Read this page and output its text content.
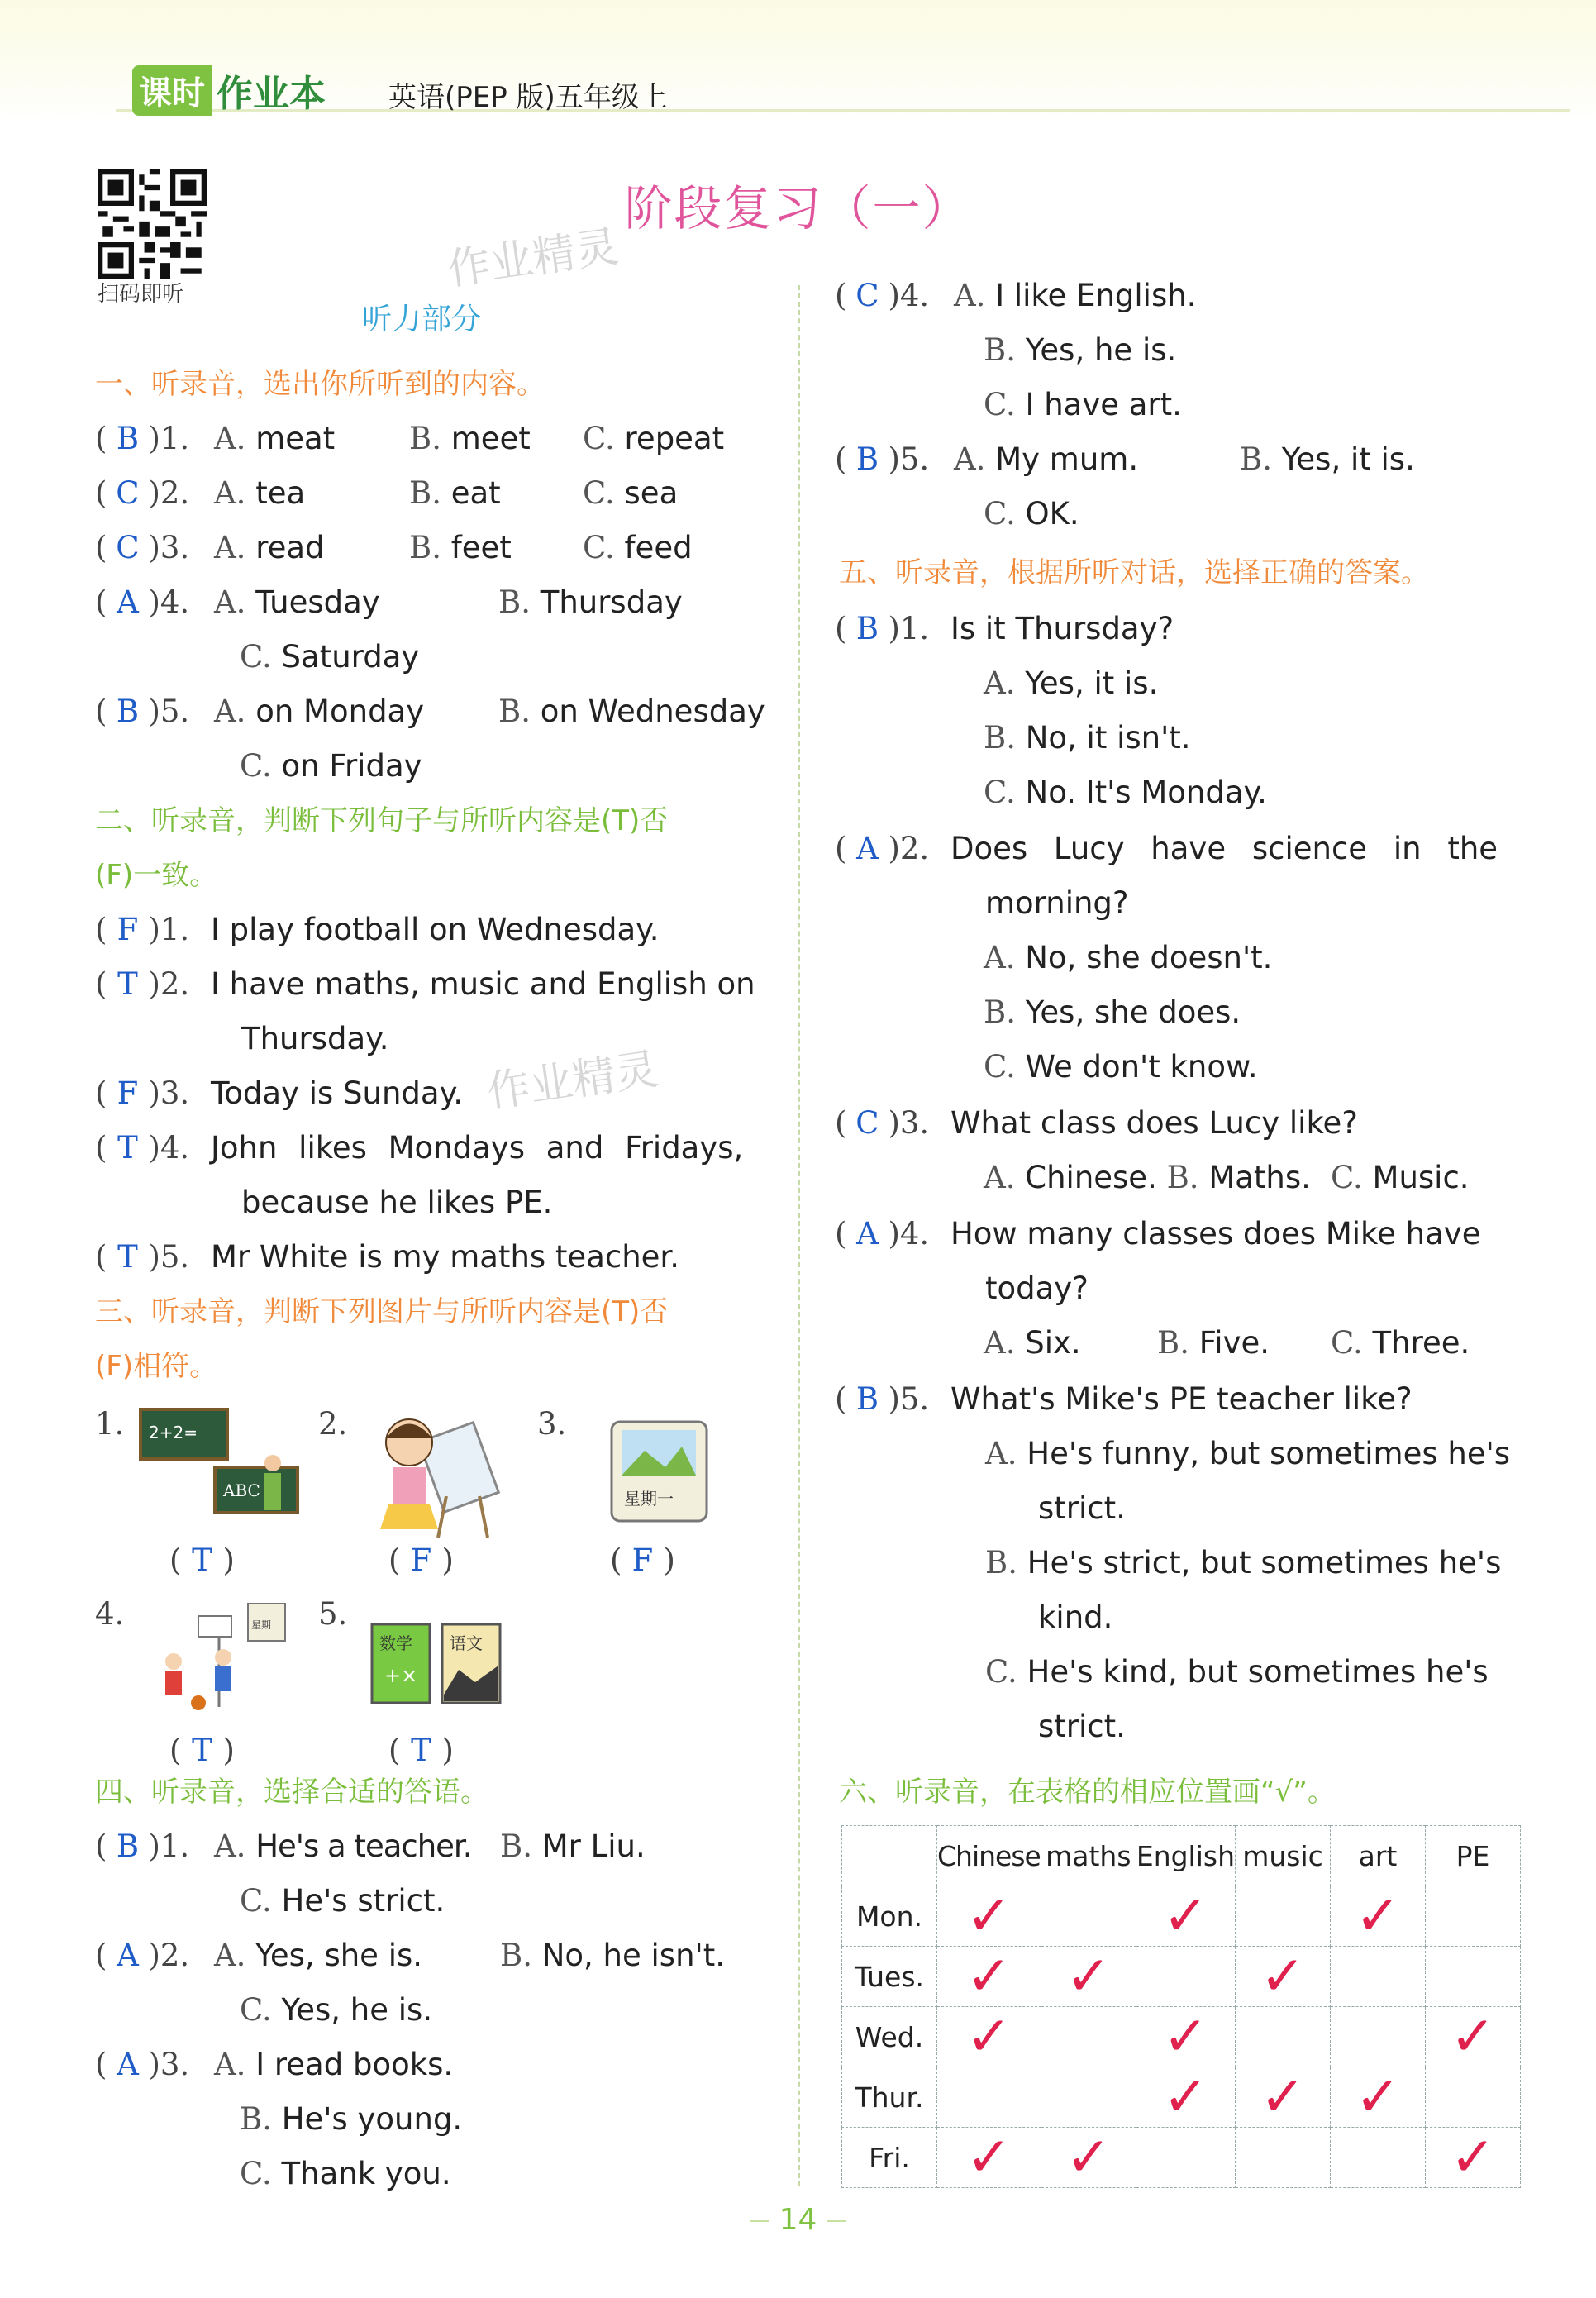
课时 作业本 英语(PEP 版)五年级上
扫码即听
阶段复习（一）
作业精灵
作业精灵
听力部分
一、听录音，选出你所听到的内容。
( B )1. A. meat B. meet C. repeat
( C )2. A. tea	B. eat	C. sea
( C )3. A. read	B. feet C. feed
( A )4. A. Tuesday	B. Thursday
C. Saturday
( B )5. A. on Monday B. on Wednesday
C. on Friday
二、听录音，判断下列句子与所听内容是(T)否
(F)一致。
( F )1. I play football on Wednesday.
( T )2. I have maths, music and English on
Thursday.
( F )3. Today is Sunday.
( T )4. John likes Mondays and Fridays,
because he likes PE.
( T )5. Mr White is my maths teacher.
三、听录音，判断下列图片与所听内容是(T)否
(F)相符。
1. 2+2=
ABC
( T )
2.
( F )
3.
星期一
( F )
4.	星期
( T )
5.
数学
+×
语文
( T )
四、听录音，选择合适的答语。
( B )1. A. He's a teacher. B. Mr Liu.
C. He's strict.
( A )2. A. Yes, she is.	B. No, he isn't.
C. Yes, he is.
( A )3. A. I read books.
B. He's young.
C. Thank you.
( C )4. A. I like English.
B. Yes, he is.
C. I have art.
( B )5. A. My mum.	B. Yes, it is.
C. OK.
五、听录音，根据所听对话，选择正确的答案。
( B )1. Is it Thursday?
A. Yes, it is.
B. No, it isn't.
C. No. It's Monday.
( A )2. Does Lucy have science in the
morning?
A. No, she doesn't.
B. Yes, she does.
C. We don't know.
( C )3. What class does Lucy like?
A. Chinese. B. Maths. C. Music.
( A )4. How many classes does Mike have
today?
A. Six. B. Five. C. Three.
( B )5. What's Mike's PE teacher like?
A. He's funny, but sometimes he's
strict.
B. He's strict, but sometimes he's
kind.
C. He's kind, but sometimes he's
strict.
六、听录音，在表格的相应位置画“√”。
	Chinese	maths	English	music	art	PE
Mon.	✓		✓		✓	
Tues.	✓	✓		✓		
Wed.	✓		✓			✓
Thur.			✓	✓	✓	
Fri.	✓	✓				✓
14
